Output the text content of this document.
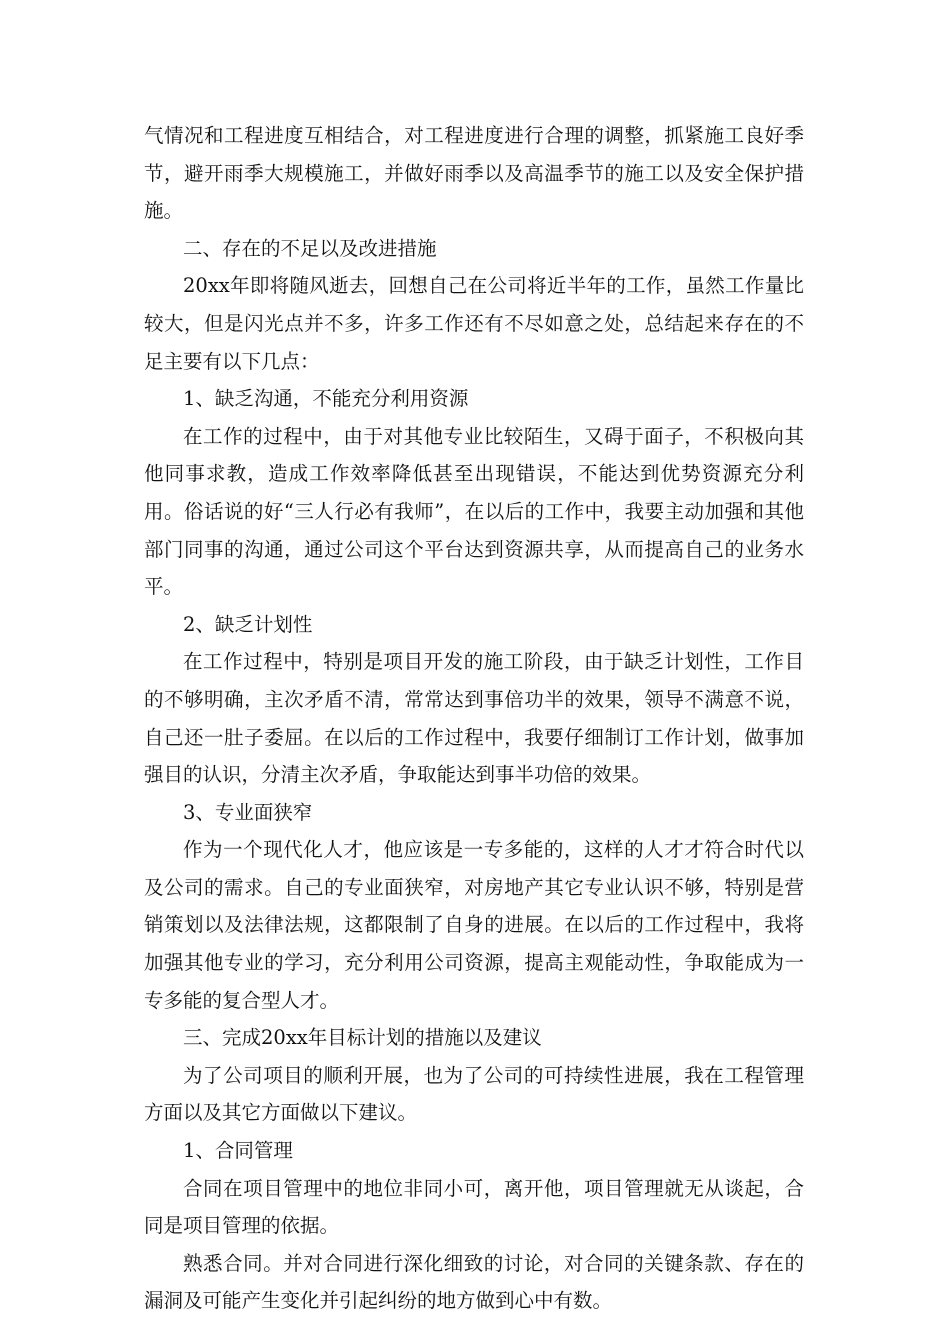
气情况和工程进度互相结合，对工程进度进行合理的调整，抓紧施工良好季节，避开雨季大规模施工，并做好雨季以及高温季节的施工以及安全保护措施。

二、存在的不足以及改进措施

20xx年即将随风逝去，回想自己在公司将近半年的工作，虽然工作量比较大，但是闪光点并不多，许多工作还有不尽如意之处，总结起来存在的不足主要有以下几点：

1、缺乏沟通，不能充分利用资源

在工作的过程中，由于对其他专业比较陌生，又碍于面子，不积极向其他同事求教，造成工作效率降低甚至出现错误，不能达到优势资源充分利用。俗话说的好“三人行必有我师”，在以后的工作中，我要主动加强和其他部门同事的沟通，通过公司这个平台达到资源共享，从而提高自己的业务水平。

2、缺乏计划性

在工作过程中，特别是项目开发的施工阶段，由于缺乏计划性，工作目的不够明确，主次矛盾不清，常常达到事倍功半的效果，领导不满意不说，自己还一肚子委屈。在以后的工作过程中，我要仔细制订工作计划，做事加强目的认识，分清主次矛盾，争取能达到事半功倍的效果。

3、专业面狭窄

作为一个现代化人才，他应该是一专多能的，这样的人才才符合时代以及公司的需求。自己的专业面狭窄，对房地产其它专业认识不够，特别是营销策划以及法律法规，这都限制了自身的进展。在以后的工作过程中，我将加强其他专业的学习，充分利用公司资源，提高主观能动性，争取能成为一专多能的复合型人才。

三、完成20xx年目标计划的措施以及建议

为了公司项目的顺利开展，也为了公司的可持续性进展，我在工程管理方面以及其它方面做以下建议。

1、合同管理

合同在项目管理中的地位非同小可，离开他，项目管理就无从谈起，合同是项目管理的依据。

熟悉合同。并对合同进行深化细致的讨论，对合同的关键条款、存在的漏洞及可能产生变化并引起纠纷的地方做到心中有数。
